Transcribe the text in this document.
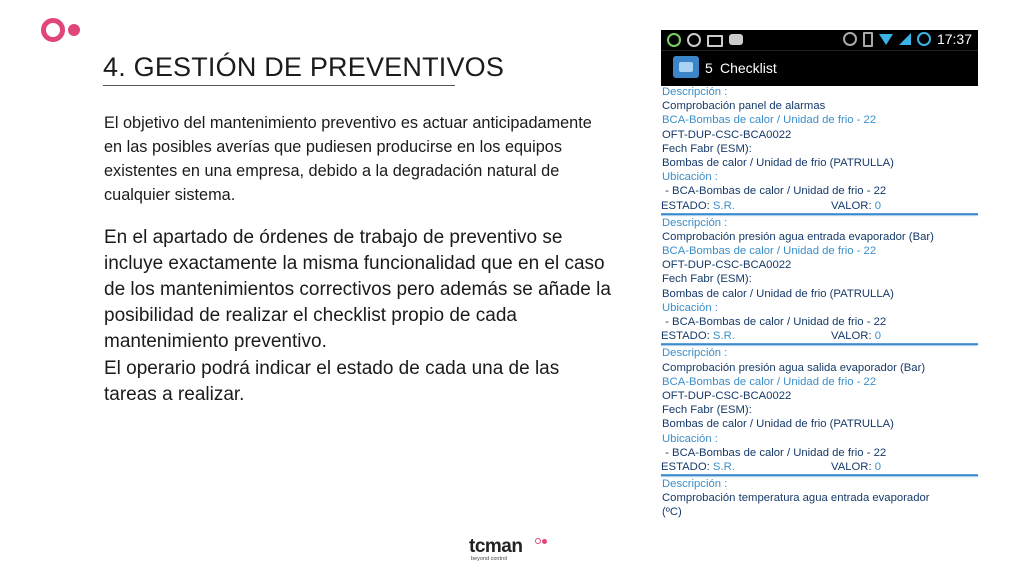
4. GESTIÓN DE PREVENTIVOS
El objetivo del mantenimiento preventivo es actuar anticipadamente en las posibles averías que pudiesen producirse en los equipos existentes en una empresa, debido a la degradación natural de cualquier sistema.
En el apartado de órdenes de trabajo de preventivo se incluye exactamente la misma funcionalidad que en el caso de los mantenimientos correctivos pero además se añade la posibilidad de realizar el checklist propio de cada mantenimiento preventivo.
El operario podrá indicar el estado de cada una de las tareas a realizar.
17:37
5 Checklist
Descripción :
Comprobación panel de alarmas
BCA-Bombas de calor / Unidad de frio - 22
OFT-DUP-CSC-BCA0022
Fech Fabr (ESM):
Bombas de calor / Unidad de frio (PATRULLA)
Ubicación :
- BCA-Bombas de calor / Unidad de frio - 22
ESTADO: S.R.	VALOR: 0
Descripción :
Comprobación presión agua entrada evaporador (Bar)
BCA-Bombas de calor / Unidad de frio - 22
OFT-DUP-CSC-BCA0022
Fech Fabr (ESM):
Bombas de calor / Unidad de frio (PATRULLA)
Ubicación :
- BCA-Bombas de calor / Unidad de frio - 22
ESTADO: S.R.	VALOR: 0
Descripción :
Comprobación presión agua salida evaporador (Bar)
BCA-Bombas de calor / Unidad de frio - 22
OFT-DUP-CSC-BCA0022
Fech Fabr (ESM):
Bombas de calor / Unidad de frio (PATRULLA)
Ubicación :
- BCA-Bombas de calor / Unidad de frio - 22
ESTADO: S.R.	VALOR: 0
Descripción :
Comprobación temperatura agua entrada evaporador
(ºC)
tcman
beyond control
